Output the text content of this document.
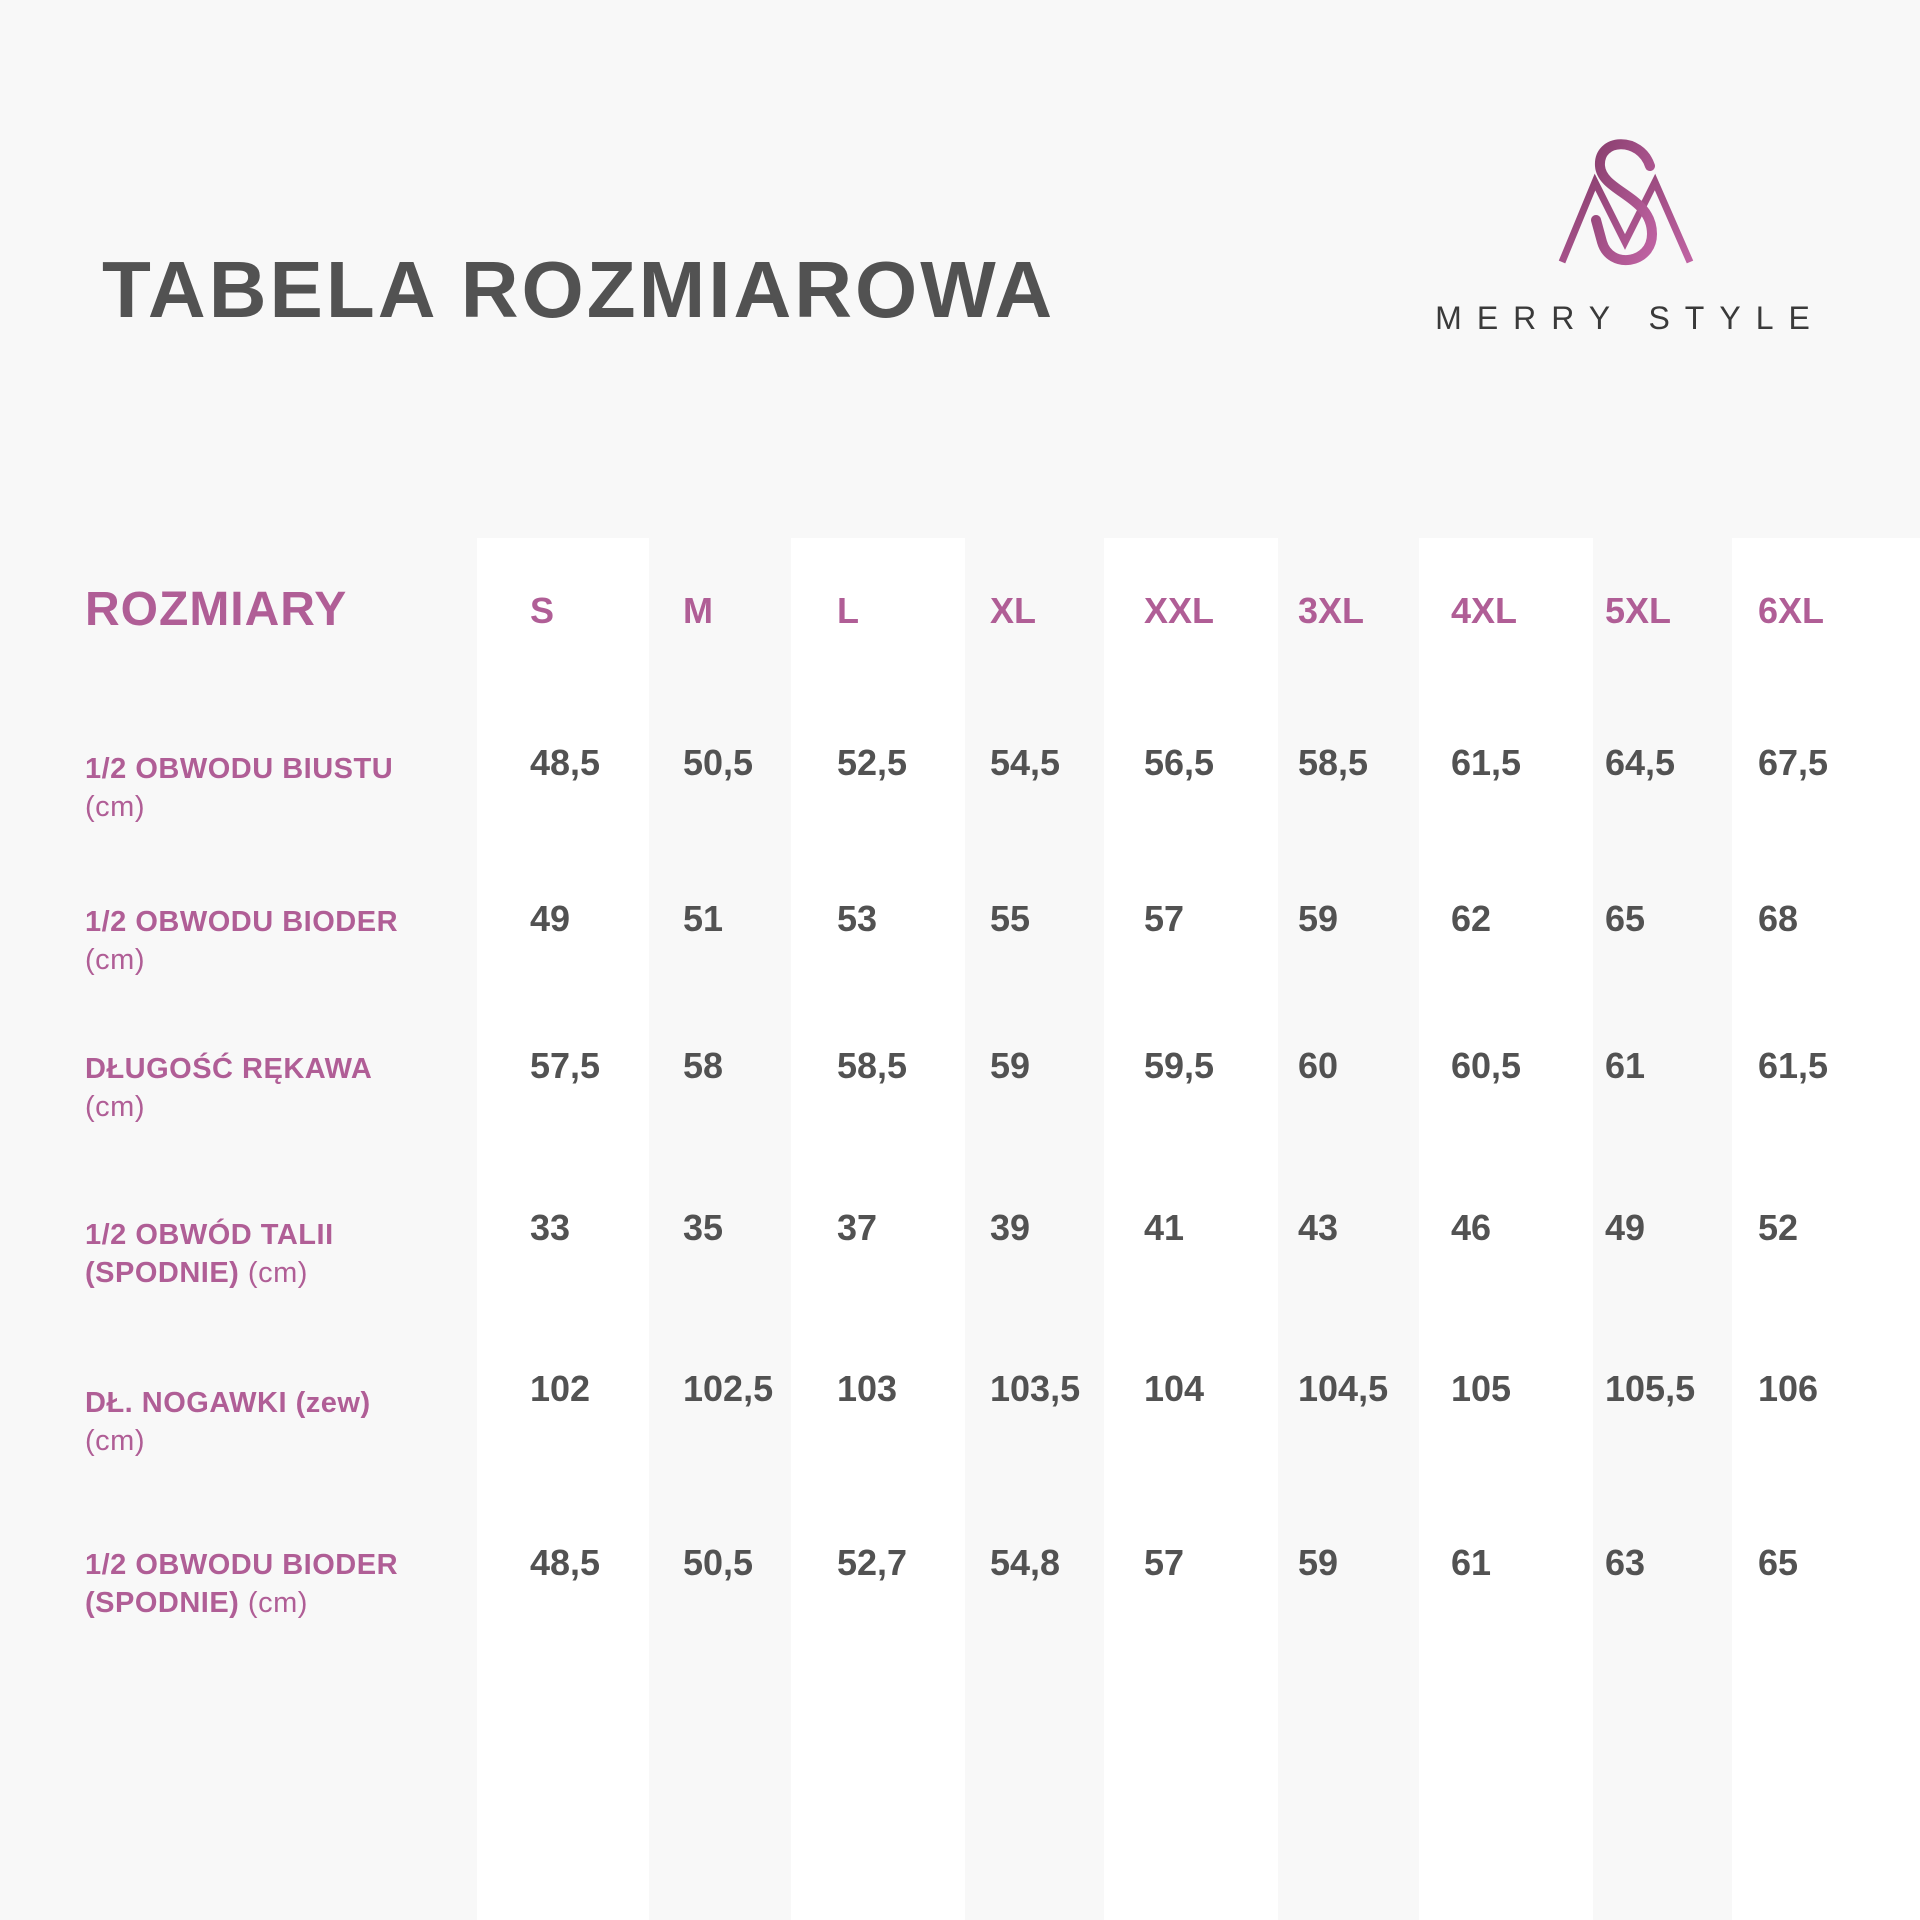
TABELA ROZMIAROWA	MERRY STYLE
ROZMIARY	S	M	L	XL	XXL 3XL 4XL 5XL 6XL
1/2 OBWODU BIUSTU
(cm)
48,5 50,5 52,5 54,5 56,5 58,5 61,5 64,5 67,5
1/2 OBWODU BIODER
(cm)
49	51	53	55	57	59	62	65	68
DŁUGOŚĆ RĘKAWA
(cm)
57,5 58	58,5 59	59,5 60	60,5 61	61,5
1/2 OBWÓD TALII (SPODNIE) (cm)
33	35	37	39	41	43	46	49	52
DŁ. NOGAWKI (zew)
(cm)
102	102,5 103	103,5 104	104,5 105	105,5 106
1/2 OBWODU BIODER (SPODNIE) (cm)
48,5 50,5 52,7 54,8 57	59	61	63	65
